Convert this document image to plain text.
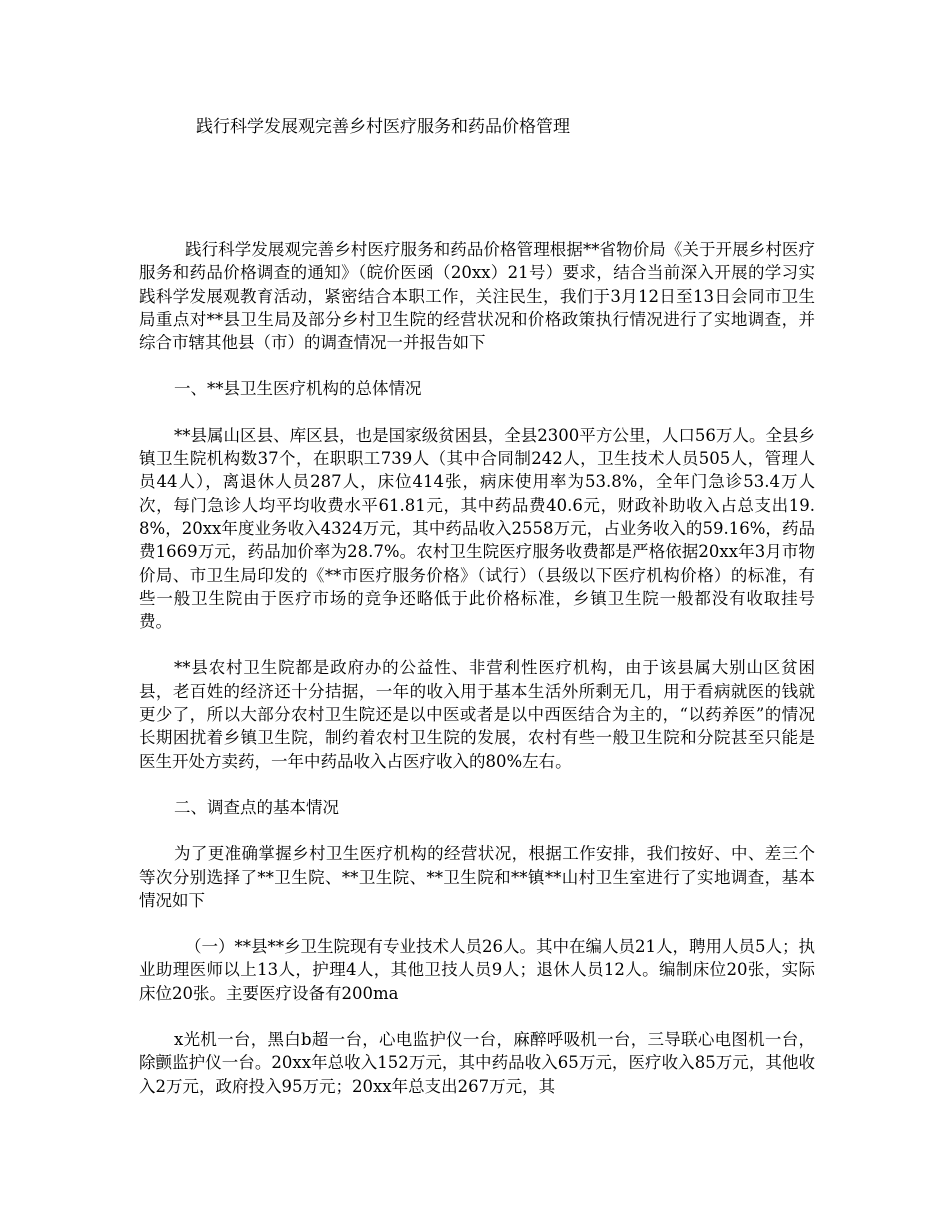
践行科学发展观完善乡村医疗服务和药品价格管理

践行科学发展观完善乡村医疗服务和药品价格管理根据**省物价局《关于开展乡村医疗服务和药品价格调查的通知》（皖价医函（20xx）21号）要求，结合当前深入开展的学习实践科学发展观教育活动，紧密结合本职工作，关注民生，我们于3月12日至13日会同市卫生局重点对**县卫生局及部分乡村卫生院的经营状况和价格政策执行情况进行了实地调查，并综合市辖其他县（市）的调查情况一并报告如下

一、**县卫生医疗机构的总体情况

**县属山区县、库区县，也是国家级贫困县，全县2300平方公里，人口56万人。全县乡镇卫生院机构数37个，在职职工739人（其中合同制242人，卫生技术人员505人，管理人员44人），离退休人员287人，床位414张，病床使用率为53.8%，全年门急诊53.4万人次，每门急诊人均平均收费水平61.81元，其中药品费40.6元，财政补助收入占总支出19.8%，20xx年度业务收入4324万元，其中药品收入2558万元，占业务收入的59.16%，药品费1669万元，药品加价率为28.7%。农村卫生院医疗服务收费都是严格依据20xx年3月市物价局、市卫生局印发的《**市医疗服务价格》（试行）（县级以下医疗机构价格）的标准，有些一般卫生院由于医疗市场的竞争还略低于此价格标准，乡镇卫生院一般都没有收取挂号费。

**县农村卫生院都是政府办的公益性、非营利性医疗机构，由于该县属大别山区贫困县，老百姓的经济还十分拮据，一年的收入用于基本生活外所剩无几，用于看病就医的钱就更少了，所以大部分农村卫生院还是以中医或者是以中西医结合为主的，“以药养医”的情况长期困扰着乡镇卫生院，制约着农村卫生院的发展，农村有些一般卫生院和分院甚至只能是医生开处方卖药，一年中药品收入占医疗收入的80%左右。

二、调查点的基本情况

为了更准确掌握乡村卫生医疗机构的经营状况，根据工作安排，我们按好、中、差三个等次分别选择了**卫生院、**卫生院、**卫生院和**镇**山村卫生室进行了实地调查，基本情况如下

（一）**县**乡卫生院现有专业技术人员26人。其中在编人员21人，聘用人员5人；执业助理医师以上13人，护理4人，其他卫技人员9人；退休人员12人。编制床位20张，实际床位20张。主要医疗设备有200ma

x光机一台，黑白b超一台，心电监护仪一台，麻醉呼吸机一台，三导联心电图机一台，除颤监护仪一台。20xx年总收入152万元，其中药品收入65万元，医疗收入85万元，其他收入2万元，政府投入95万元；20xx年总支出267万元，其
